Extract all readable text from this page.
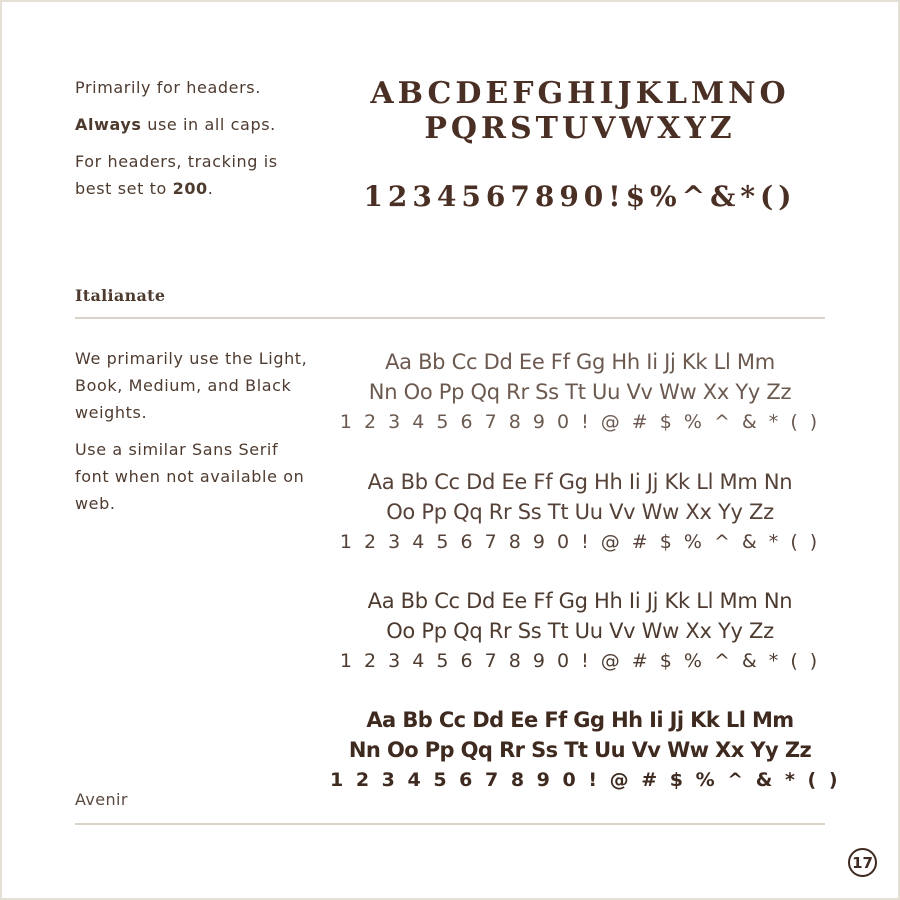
Primarily for headers.

Always use in all caps.

For headers, tracking is best set to 200.

ABCDEFGHIJKLMNO
PQRSTUVWXYZ
1234567890!$%^&*()
Italianate

We primarily use the Light, Book, Medium, and Black weights.

Use a similar Sans Serif font when not available on web.

Aa Bb Cc Dd Ee Ff Gg Hh Ii Jj Kk Ll Mm
Nn Oo Pp Qq Rr Ss Tt Uu Vv Ww Xx Yy Zz
1 2 3 4 5 6 7 8 9 0 ! @ # $ % ^ & * ( )
Aa Bb Cc Dd Ee Ff Gg Hh Ii Jj Kk Ll Mm Nn
Oo Pp Qq Rr Ss Tt Uu Vv Ww Xx Yy Zz
1 2 3 4 5 6 7 8 9 0 ! @ # $ % ^ & * ( )
Aa Bb Cc Dd Ee Ff Gg Hh Ii Jj Kk Ll Mm Nn
Oo Pp Qq Rr Ss Tt Uu Vv Ww Xx Yy Zz
1 2 3 4 5 6 7 8 9 0 ! @ # $ % ^ & * ( )
Aa Bb Cc Dd Ee Ff Gg Hh Ii Jj Kk Ll Mm
Nn Oo Pp Qq Rr Ss Tt Uu Vv Ww Xx Yy Zz
1 2 3 4 5 6 7 8 9 0 ! @ # $ % ^ & * ( )
Avenir
17
